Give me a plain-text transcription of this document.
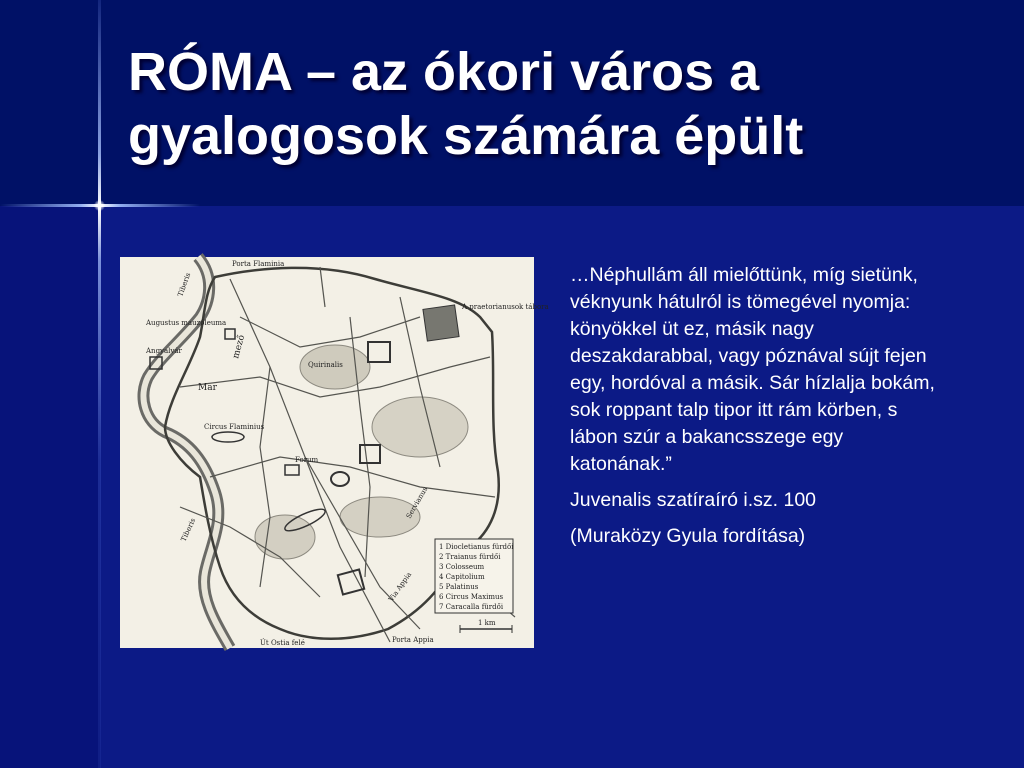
RÓMA – az ókori város a
gyalogosok számára épült
Porta Flaminia
Tiberis
Augustus mauzóleuma
Angyalvár
Mar
mező
Circus Flaminius
Quirinalis
Forum
A praetorianusok tábora
Servianus
Tiberis
Via Appia
Porta Appia
Út Ostia felé
1 km
1 Diocletianus fürdői
2 Traianus fürdői
3 Colosseum
4 Capitolium
5 Palatinus
6 Circus Maximus
7 Caracalla fürdői

…Néphullám áll mielőttünk, míg sietünk, véknyunk hátulról is tömegével nyomja: könyökkel üt ez, másik nagy deszakdarabbal, vagy póznával sújt fejen egy, hordóval a másik. Sár hízlalja bokám, sok roppant talp tipor itt rám körben, s lábon szúr a bakancsszege egy katonának.”

Juvenalis szatíraíró i.sz. 100

(Muraközy Gyula fordítása)
